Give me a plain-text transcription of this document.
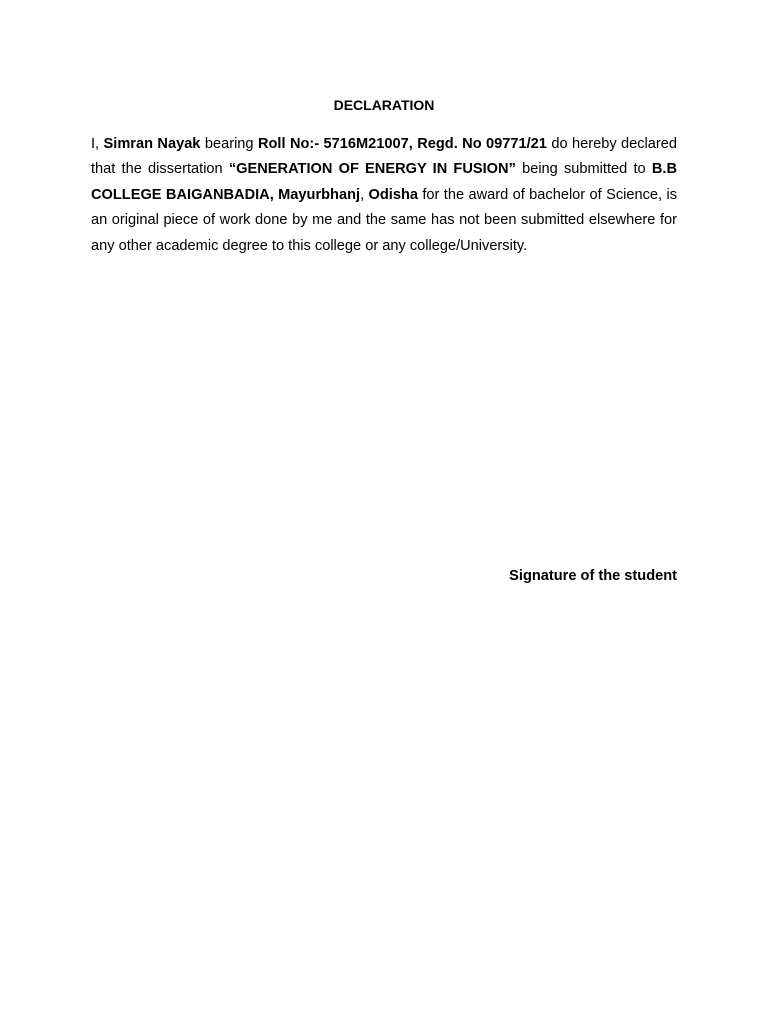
DECLARATION

I, Simran Nayak bearing Roll No:- 5716M21007, Regd. No 09771/21 do hereby declared that the dissertation “GENERATION OF ENERGY IN FUSION” being submitted to B.B COLLEGE BAIGANBADIA, Mayurbhanj, Odisha for the award of bachelor of Science, is an original piece of work done by me and the same has not been submitted elsewhere for any other academic degree to this college or any college/University.

Signature of the student
